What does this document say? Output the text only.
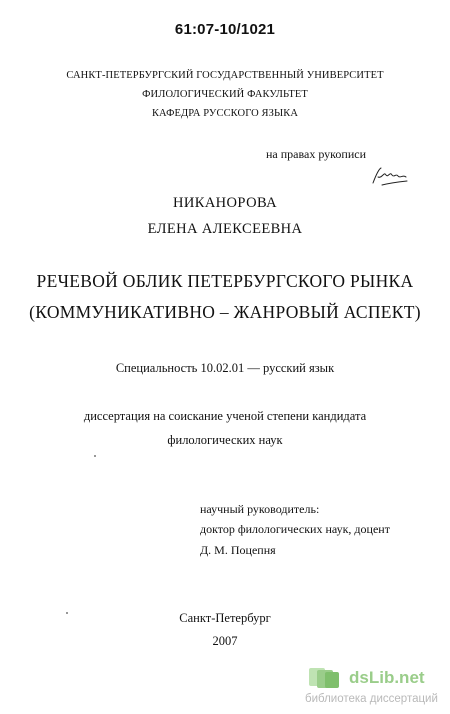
61:07-10/1021
САНКТ-ПЕТЕРБУРГСКИЙ ГОСУДАРСТВЕННЫЙ УНИВЕРСИТЕТ
ФИЛОЛОГИЧЕСКИЙ ФАКУЛЬТЕТ
КАФЕДРА РУССКОГО ЯЗЫКА
на правах рукописи
НИКАНОРОВА
ЕЛЕНА АЛЕКСЕЕВНА
РЕЧЕВОЙ ОБЛИК ПЕТЕРБУРГСКОГО РЫНКА
(КОММУНИКАТИВНО – ЖАНРОВЫЙ АСПЕКТ)
Специальность 10.02.01 — русский язык
диссертация на соискание ученой степени кандидата
филологических наук
научный руководитель:
доктор филологических наук, доцент
Д. М. Поцепня
Санкт-Петербург
2007
dsLib.net
библиотека диссертаций
